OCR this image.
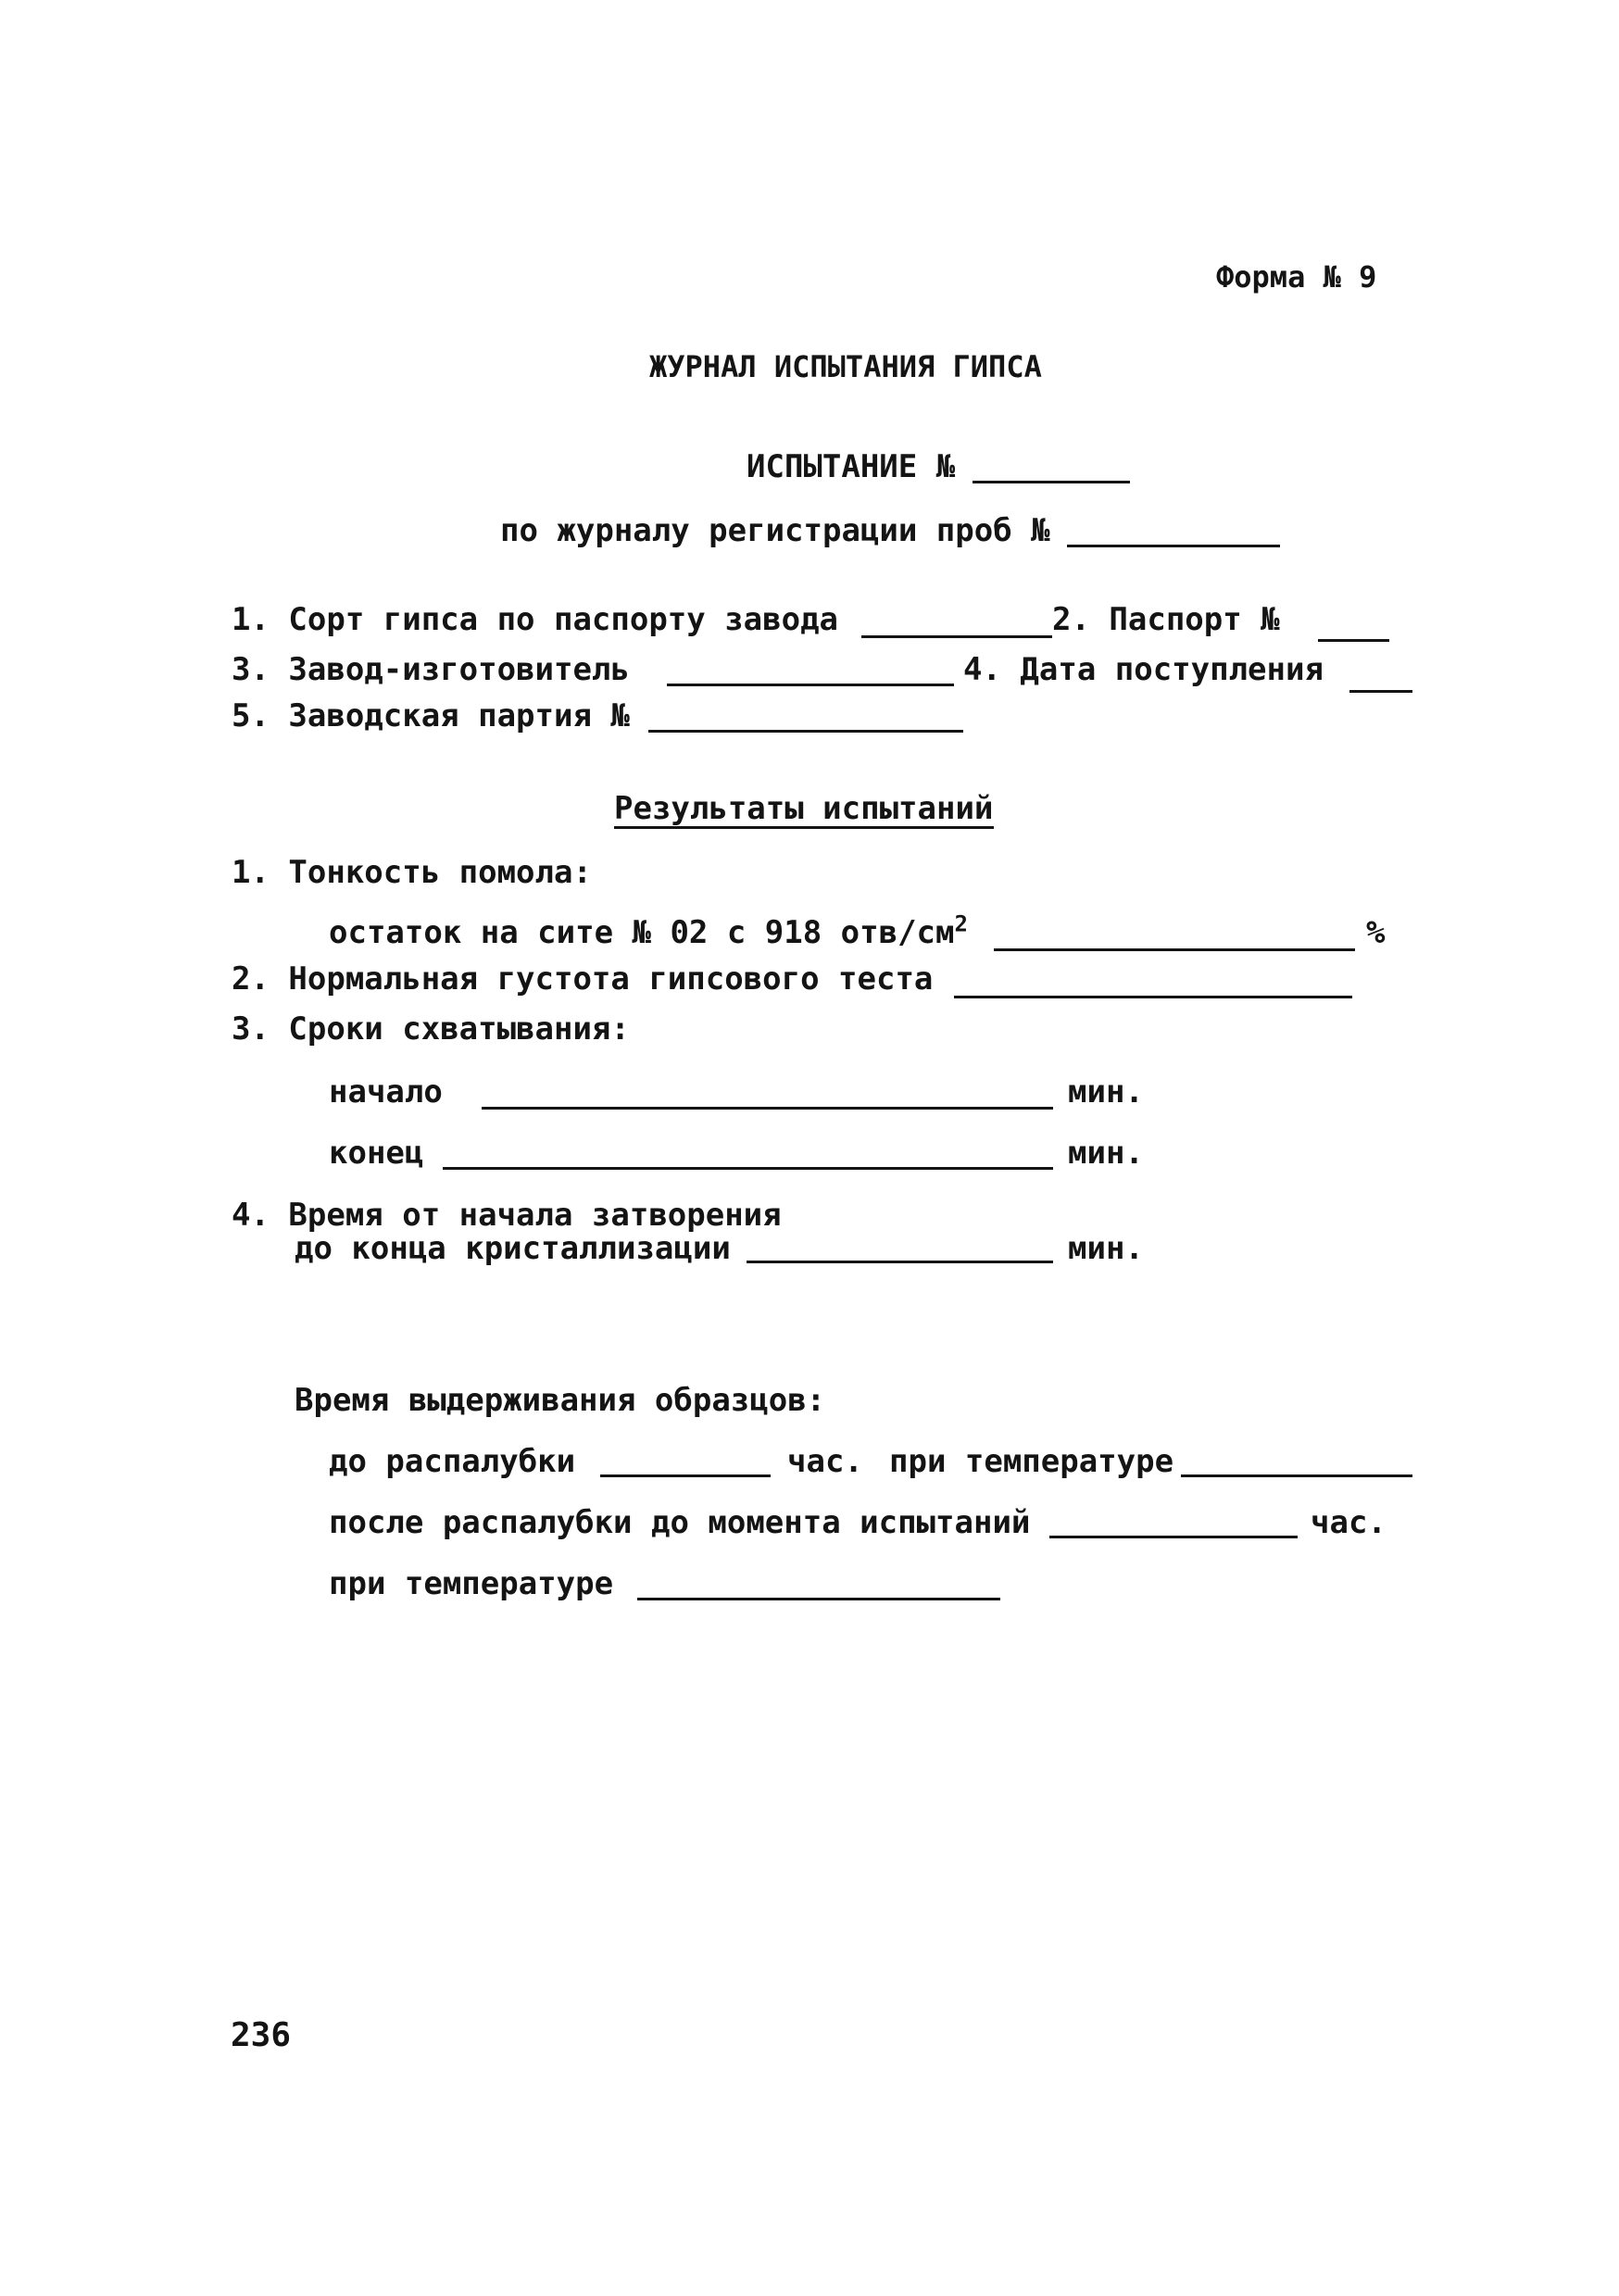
Форма № 9
ЖУРНАЛ ИСПЫТАНИЯ ГИПСА
ИСПЫТАНИЕ №
по журналу регистрации проб №
1. Сорт гипса по паспорту завода	2. Паспорт №
3. Завод-изготовитель	4. Дата поступления
5. Заводская партия №
Результаты испытаний
1. Тонкость помола:
остаток на сите № 02 с 918 отв/$см^2$	%
2. Нормальная густота гипсового теста
3. Сроки схватывания:
начало	мин.
конец	мин.
4. Время от начала затворения
до конца кристаллизации	мин.
Время выдерживания образцов:
до распалубки	час. при температуре
после распалубки до момента испытаний	час.
при температуре
236
